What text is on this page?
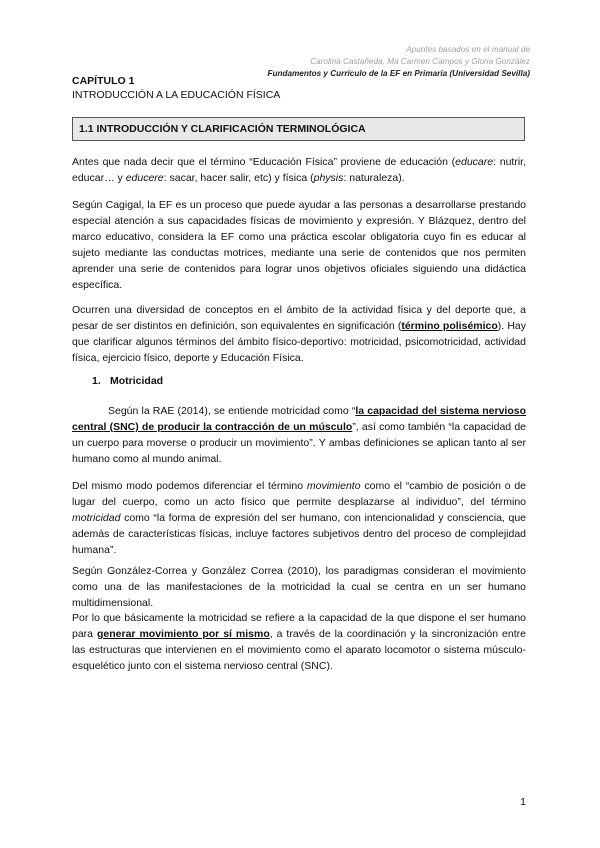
Apuntes basados en el manual de
Carolina Castañeda, Ma Carmen Campos y Gloria González
Fundamentos y Currículo de la EF en Primaria (Universidad Sevilla)
CAPÍTULO 1
INTRODUCCIÓN A LA EDUCACIÓN FÍSICA
1.1 INTRODUCCIÓN Y CLARIFICACIÓN TERMINOLÓGICA

Antes que nada decir que el término “Educación Física” proviene de educación (educare: nutrir, educar… y educere: sacar, hacer salir, etc) y física (physis: naturaleza).

Según Cagigal, la EF es un proceso que puede ayudar a las personas a desarrollarse prestando especial atención a sus capacidades físicas de movimiento y expresión. Y Blázquez, dentro del marco educativo, considera la EF como una práctica escolar obligatoria cuyo fin es educar al sujeto mediante las conductas motrices, mediante una serie de contenidos que nos permiten aprender una serie de contenidos para lograr unos objetivos oficiales siguiendo una didáctica específica.

Ocurren una diversidad de conceptos en el ámbito de la actividad física y del deporte que, a pesar de ser distintos en definición, son equivalentes en significación (término polisémico). Hay que clarificar algunos términos del ámbito físico-deportivo: motricidad, psicomotricidad, actividad física, ejercicio físico, deporte y Educación Física.

1. Motricidad

Según la RAE (2014), se entiende motricidad como “la capacidad del sistema nervioso central (SNC) de producir la contracción de un músculo”, así como también “la capacidad de un cuerpo para moverse o producir un movimiento”. Y ambas definiciones se aplican tanto al ser humano como al mundo animal.

Del mismo modo podemos diferenciar el término movimiento como el “cambio de posición o de lugar del cuerpo, como un acto físico que permite desplazarse al individuo”, del término motricidad como “la forma de expresión del ser humano, con intencionalidad y consciencia, que además de características físicas, incluye factores subjetivos dentro del proceso de complejidad humana”.

Según González-Correa y González Correa (2010), los paradigmas consideran el movimiento como una de las manifestaciones de la motricidad la cual se centra en un ser humano multidimensional.

Por lo que básicamente la motricidad se refiere a la capacidad de la que dispone el ser humano para generar movimiento por sí mismo, a través de la coordinación y la sincronización entre las estructuras que intervienen en el movimiento como el aparato locomotor o sistema músculo-esquelético junto con el sistema nervioso central (SNC).

1
